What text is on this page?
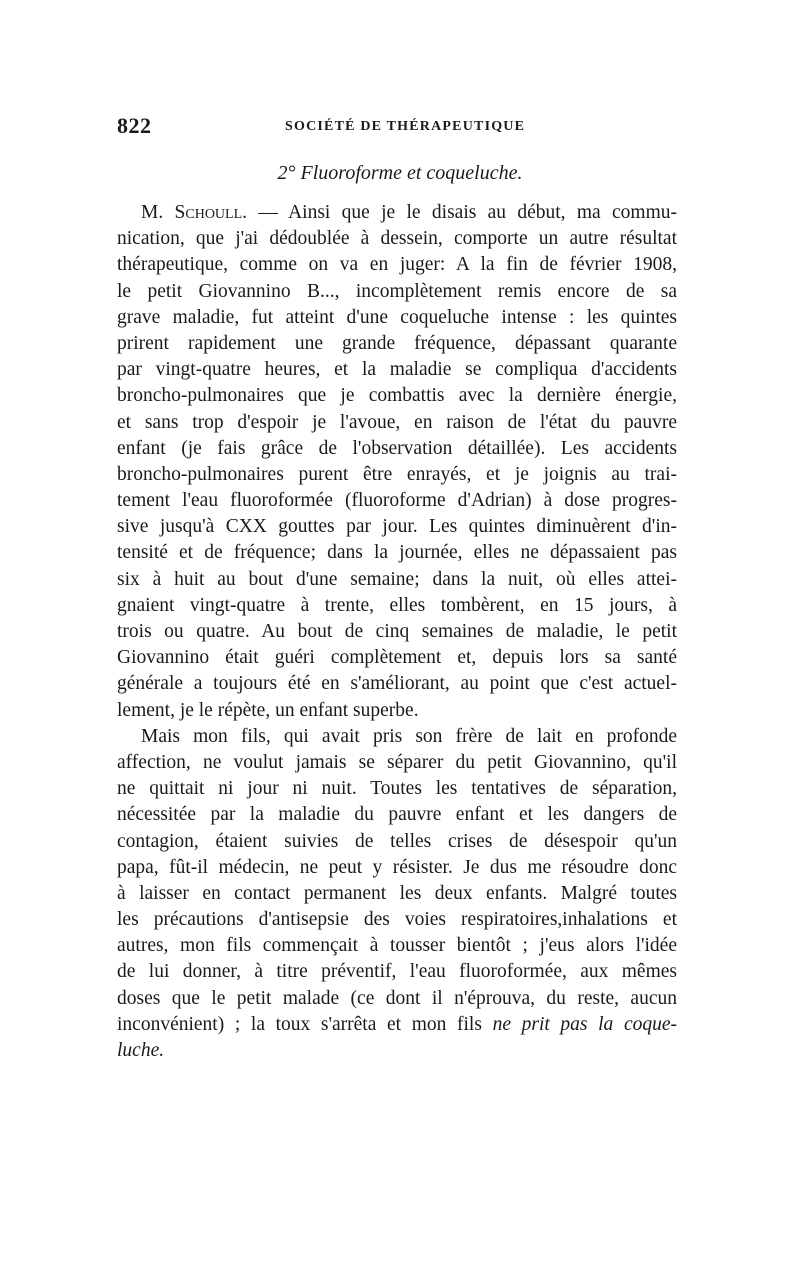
822	SOCIÉTÉ DE THÉRAPEUTIQUE
2° Fluoroforme et coqueluche.
M. Schoull. — Ainsi que je le disais au début, ma commu-
nication, que j'ai dédoublée à dessein, comporte un autre résultat
thérapeutique, comme on va en juger: A la fin de février 1908,
le petit Giovannino B..., incomplètement remis encore de sa
grave maladie, fut atteint d'une coqueluche intense : les quintes
prirent rapidement une grande fréquence, dépassant quarante
par vingt-quatre heures, et la maladie se compliqua d'accidents
broncho-pulmonaires que je combattis avec la dernière énergie,
et sans trop d'espoir je l'avoue, en raison de l'état du pauvre
enfant (je fais grâce de l'observation détaillée). Les accidents
broncho-pulmonaires purent être enrayés, et je joignis au trai-
tement l'eau fluoroformée (fluoroforme d'Adrian) à dose progres-
sive jusqu'à CXX gouttes par jour. Les quintes diminuèrent d'in-
tensité et de fréquence; dans la journée, elles ne dépassaient pas
six à huit au bout d'une semaine; dans la nuit, où elles attei-
gnaient vingt-quatre à trente, elles tombèrent, en 15 jours, à
trois ou quatre. Au bout de cinq semaines de maladie, le petit
Giovannino était guéri complètement et, depuis lors sa santé
générale a toujours été en s'améliorant, au point que c'est actuel-
lement, je le répète, un enfant superbe.
Mais mon fils, qui avait pris son frère de lait en profonde
affection, ne voulut jamais se séparer du petit Giovannino, qu'il
ne quittait ni jour ni nuit. Toutes les tentatives de séparation,
nécessitée par la maladie du pauvre enfant et les dangers de
contagion, étaient suivies de telles crises de désespoir qu'un
papa, fût-il médecin, ne peut y résister. Je dus me résoudre donc
à laisser en contact permanent les deux enfants. Malgré toutes
les précautions d'antisepsie des voies respiratoires,inhalations et
autres, mon fils commençait à tousser bientôt ; j'eus alors l'idée
de lui donner, à titre préventif, l'eau fluoroformée, aux mêmes
doses que le petit malade (ce dont il n'éprouva, du reste, aucun
inconvénient) ; la toux s'arrêta et mon fils ne prit pas la coque-
luche.
